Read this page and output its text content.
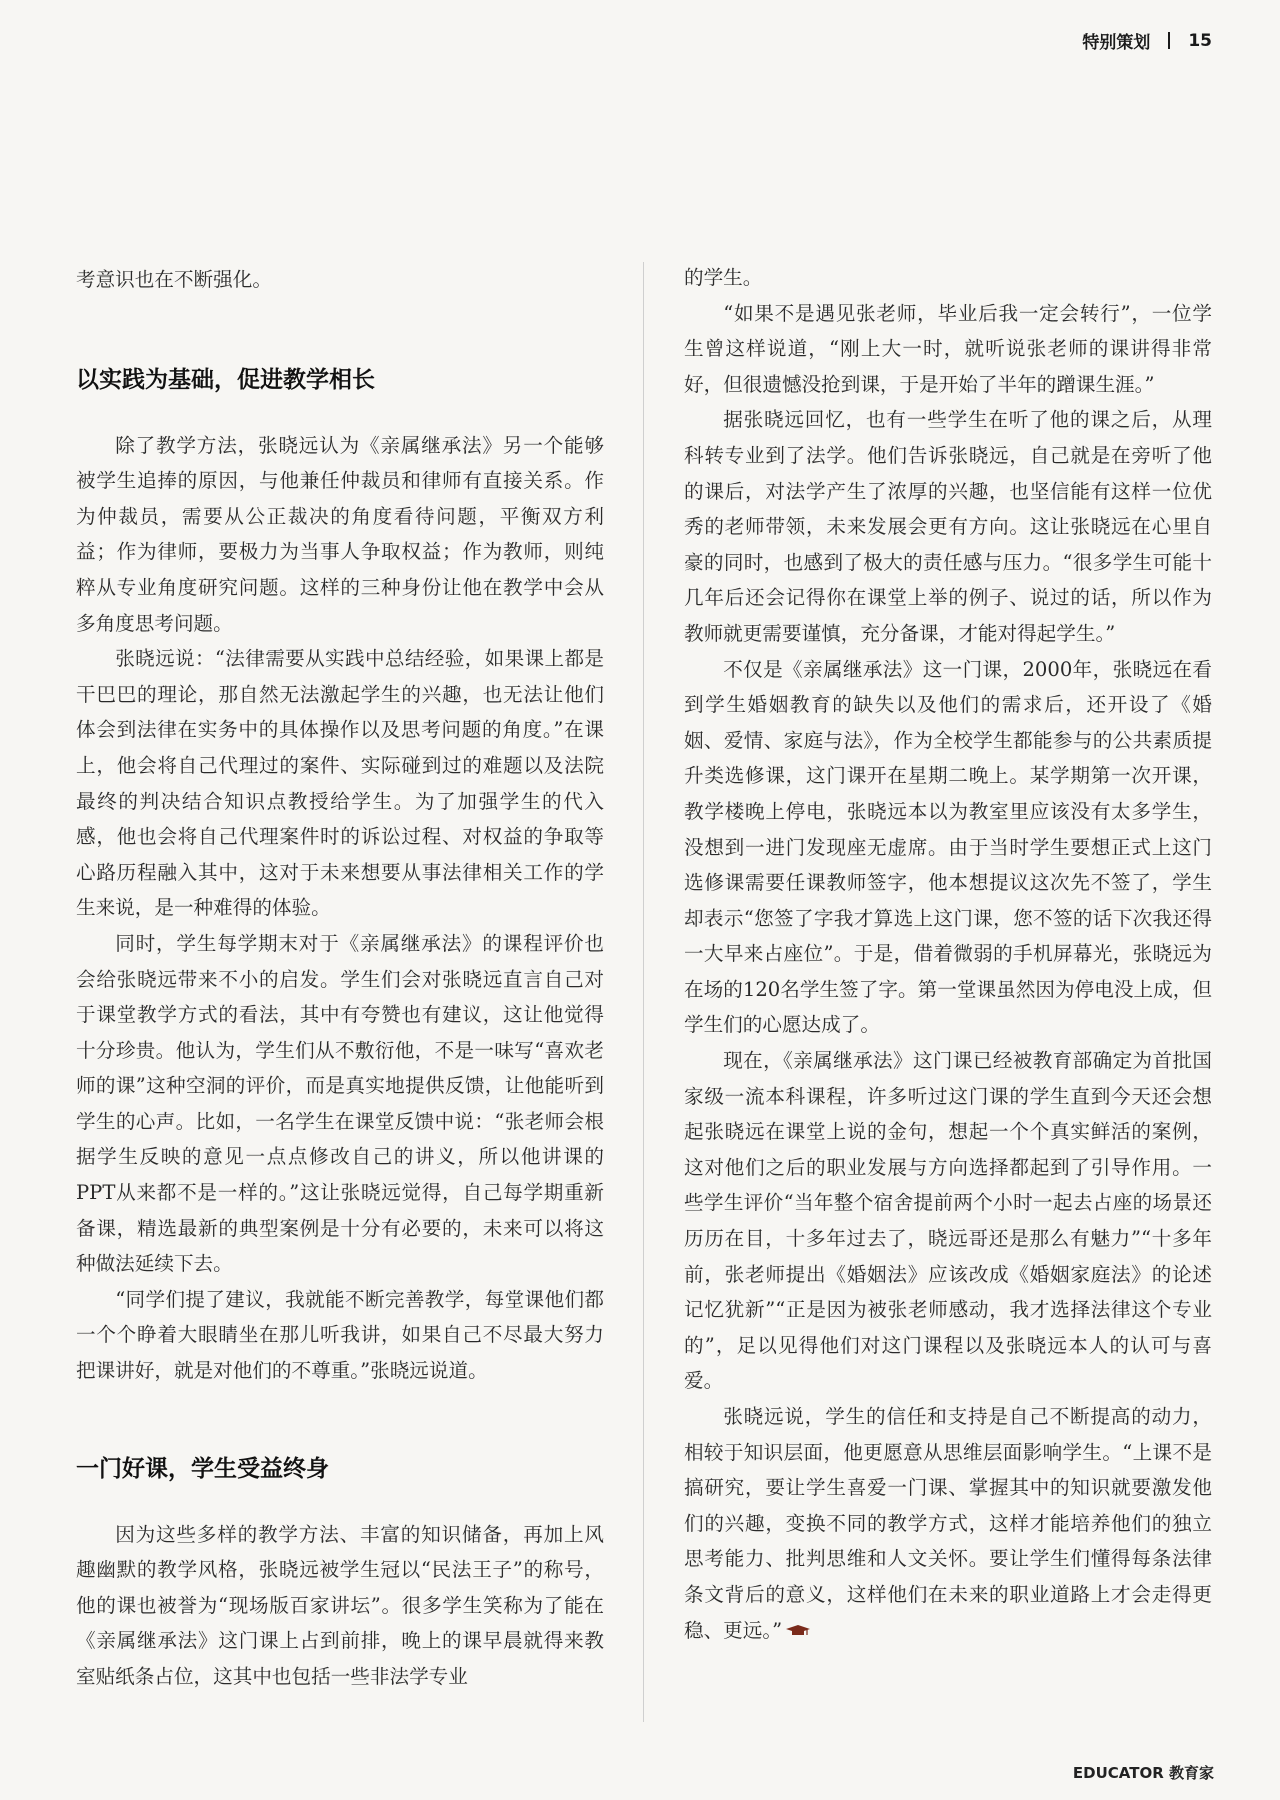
特别策划 15

考意识也在不断强化。

以实践为基础，促进教学相长

除了教学方法，张晓远认为《亲属继承法》另一个能够被学生追捧的原因，与他兼任仲裁员和律师有直接关系。作为仲裁员，需要从公正裁决的角度看待问题，平衡双方利益；作为律师，要极力为当事人争取权益；作为教师，则纯粹从专业角度研究问题。这样的三种身份让他在教学中会从多角度思考问题。

张晓远说：“法律需要从实践中总结经验，如果课上都是干巴巴的理论，那自然无法激起学生的兴趣，也无法让他们体会到法律在实务中的具体操作以及思考问题的角度。”在课上，他会将自己代理过的案件、实际碰到过的难题以及法院最终的判决结合知识点教授给学生。为了加强学生的代入感，他也会将自己代理案件时的诉讼过程、对权益的争取等心路历程融入其中，这对于未来想要从事法律相关工作的学生来说，是一种难得的体验。

同时，学生每学期末对于《亲属继承法》的课程评价也会给张晓远带来不小的启发。学生们会对张晓远直言自己对于课堂教学方式的看法，其中有夸赞也有建议，这让他觉得十分珍贵。他认为，学生们从不敷衍他，不是一味写“喜欢老师的课”这种空洞的评价，而是真实地提供反馈，让他能听到学生的心声。比如，一名学生在课堂反馈中说：“张老师会根据学生反映的意见一点点修改自己的讲义，所以他讲课的PPT从来都不是一样的。”这让张晓远觉得，自己每学期重新备课，精选最新的典型案例是十分有必要的，未来可以将这种做法延续下去。

“同学们提了建议，我就能不断完善教学，每堂课他们都一个个睁着大眼睛坐在那儿听我讲，如果自己不尽最大努力把课讲好，就是对他们的不尊重。”张晓远说道。

一门好课，学生受益终身

因为这些多样的教学方法、丰富的知识储备，再加上风趣幽默的教学风格，张晓远被学生冠以“民法王子”的称号，他的课也被誉为“现场版百家讲坛”。很多学生笑称为了能在《亲属继承法》这门课上占到前排，晚上的课早晨就得来教室贴纸条占位，这其中也包括一些非法学专业

的学生。

“如果不是遇见张老师，毕业后我一定会转行”，一位学生曾这样说道，“刚上大一时，就听说张老师的课讲得非常好，但很遗憾没抢到课，于是开始了半年的蹭课生涯。”

据张晓远回忆，也有一些学生在听了他的课之后，从理科转专业到了法学。他们告诉张晓远，自己就是在旁听了他的课后，对法学产生了浓厚的兴趣，也坚信能有这样一位优秀的老师带领，未来发展会更有方向。这让张晓远在心里自豪的同时，也感到了极大的责任感与压力。“很多学生可能十几年后还会记得你在课堂上举的例子、说过的话，所以作为教师就更需要谨慎，充分备课，才能对得起学生。”

不仅是《亲属继承法》这一门课，2000年，张晓远在看到学生婚姻教育的缺失以及他们的需求后，还开设了《婚姻、爱情、家庭与法》，作为全校学生都能参与的公共素质提升类选修课，这门课开在星期二晚上。某学期第一次开课，教学楼晚上停电，张晓远本以为教室里应该没有太多学生，没想到一进门发现座无虚席。由于当时学生要想正式上这门选修课需要任课教师签字，他本想提议这次先不签了，学生却表示“您签了字我才算选上这门课，您不签的话下次我还得一大早来占座位”。于是，借着微弱的手机屏幕光，张晓远为在场的120名学生签了字。第一堂课虽然因为停电没上成，但学生们的心愿达成了。

现在，《亲属继承法》这门课已经被教育部确定为首批国家级一流本科课程，许多听过这门课的学生直到今天还会想起张晓远在课堂上说的金句，想起一个个真实鲜活的案例，这对他们之后的职业发展与方向选择都起到了引导作用。一些学生评价“当年整个宿舍提前两个小时一起去占座的场景还历历在目，十多年过去了，晓远哥还是那么有魅力”“十多年前，张老师提出《婚姻法》应该改成《婚姻家庭法》的论述记忆犹新”“正是因为被张老师感动，我才选择法律这个专业的”，足以见得他们对这门课程以及张晓远本人的认可与喜爱。

张晓远说，学生的信任和支持是自己不断提高的动力，相较于知识层面，他更愿意从思维层面影响学生。“上课不是搞研究，要让学生喜爱一门课、掌握其中的知识就要激发他们的兴趣，变换不同的教学方式，这样才能培养他们的独立思考能力、批判思维和人文关怀。要让学生们懂得每条法律条文背后的意义，这样他们在未来的职业道路上才会走得更稳、更远。”

EDUCATOR 教育家
